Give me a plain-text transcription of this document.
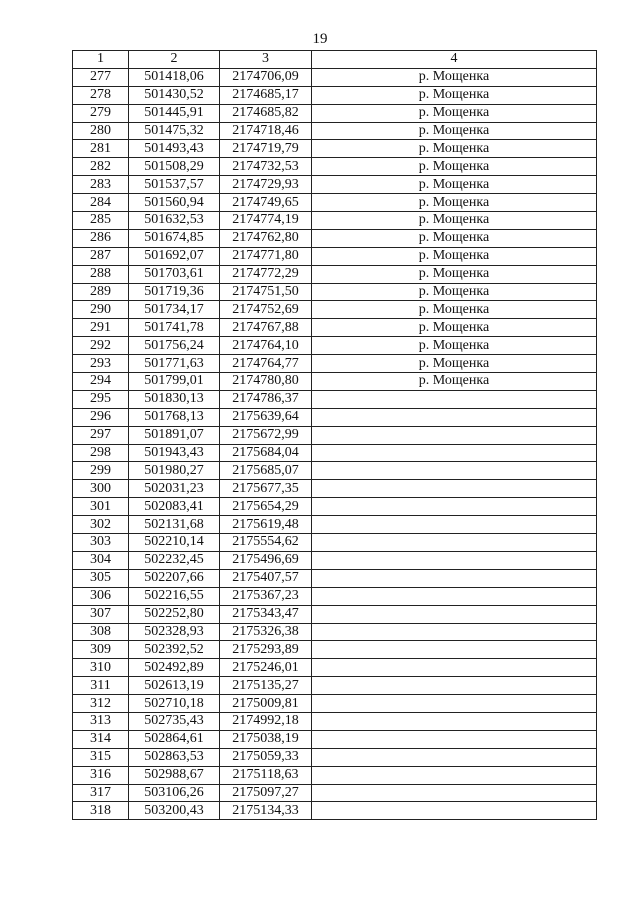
19
1	2	3	4
277	501418,06	2174706,09	р. Мощенка
278	501430,52	2174685,17	р. Мощенка
279	501445,91	2174685,82	р. Мощенка
280	501475,32	2174718,46	р. Мощенка
281	501493,43	2174719,79	р. Мощенка
282	501508,29	2174732,53	р. Мощенка
283	501537,57	2174729,93	р. Мощенка
284	501560,94	2174749,65	р. Мощенка
285	501632,53	2174774,19	р. Мощенка
286	501674,85	2174762,80	р. Мощенка
287	501692,07	2174771,80	р. Мощенка
288	501703,61	2174772,29	р. Мощенка
289	501719,36	2174751,50	р. Мощенка
290	501734,17	2174752,69	р. Мощенка
291	501741,78	2174767,88	р. Мощенка
292	501756,24	2174764,10	р. Мощенка
293	501771,63	2174764,77	р. Мощенка
294	501799,01	2174780,80	р. Мощенка
295	501830,13	2174786,37	
296	501768,13	2175639,64	
297	501891,07	2175672,99	
298	501943,43	2175684,04	
299	501980,27	2175685,07	
300	502031,23	2175677,35	
301	502083,41	2175654,29	
302	502131,68	2175619,48	
303	502210,14	2175554,62	
304	502232,45	2175496,69	
305	502207,66	2175407,57	
306	502216,55	2175367,23	
307	502252,80	2175343,47	
308	502328,93	2175326,38	
309	502392,52	2175293,89	
310	502492,89	2175246,01	
311	502613,19	2175135,27	
312	502710,18	2175009,81	
313	502735,43	2174992,18	
314	502864,61	2175038,19	
315	502863,53	2175059,33	
316	502988,67	2175118,63	
317	503106,26	2175097,27	
318	503200,43	2175134,33	
